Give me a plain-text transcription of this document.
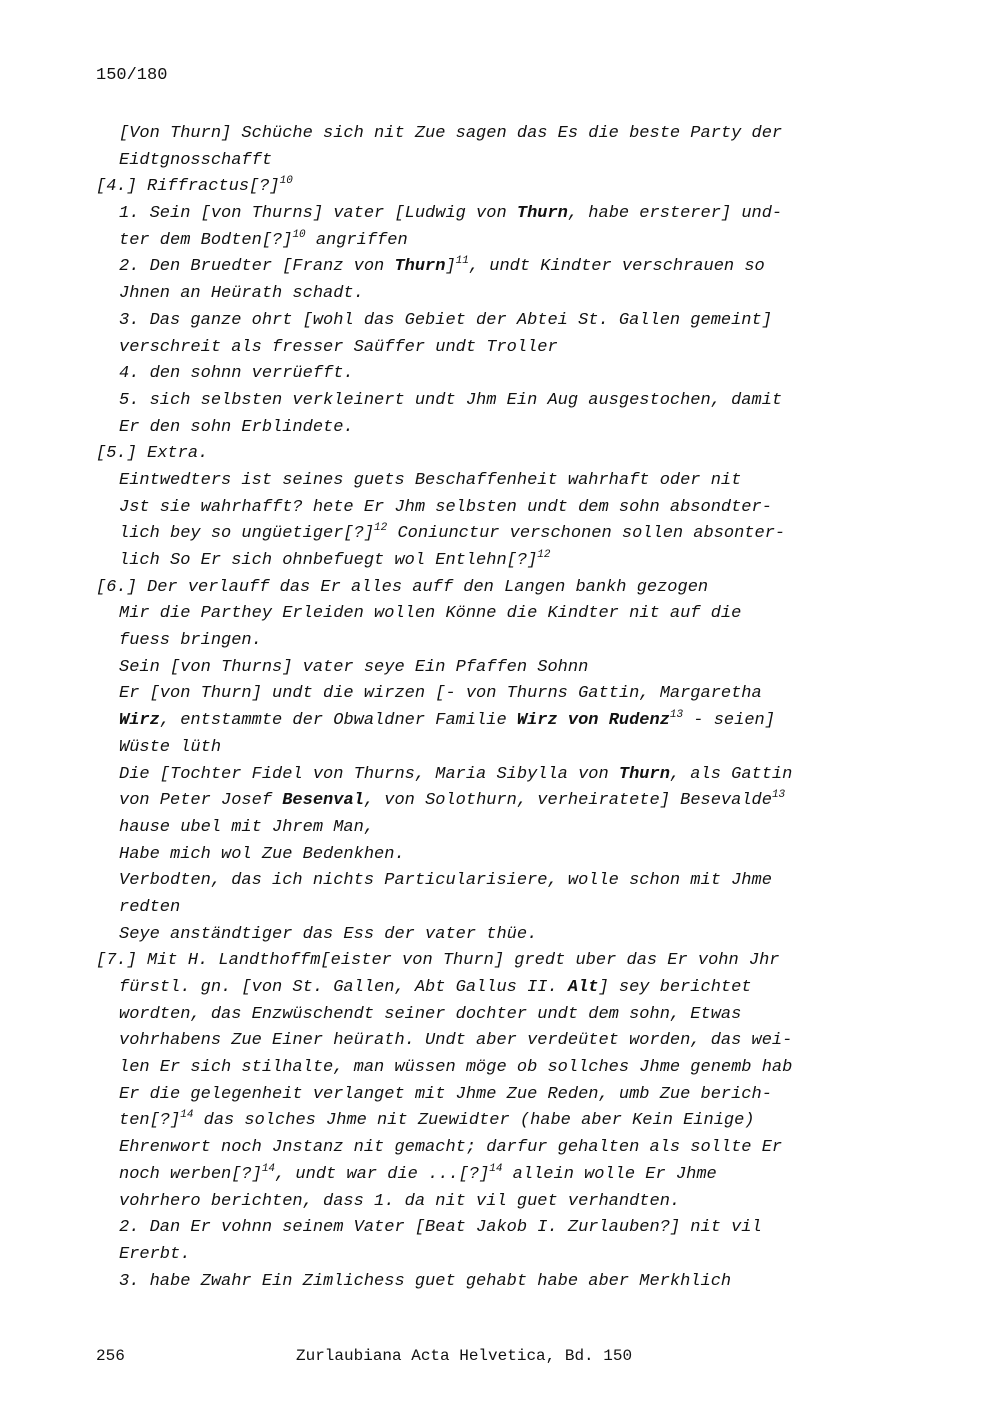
150/180
[Von Thurn] Schüche sich nit Zue sagen das Es die beste Party der
Eidtgnosschafft
[4.] Riffractus[?]$^{10}$
1. Sein [von Thurns] vater [Ludwig von Thurn, habe ersterer] und-
ter dem Bodten[?]$^{10}$ angriffen
2. Den Bruedter [Franz von Thurn]$^{11}$, undt Kindter verschrauen so
Jhnen an Heürath schadt.
3. Das ganze ohrt [wohl das Gebiet der Abtei St. Gallen gemeint]
verschreit als fresser Saüffer undt Troller
4. den sohnn verrüefft.
5. sich selbsten verkleinert undt Jhm Ein Aug ausgestochen, damit
Er den sohn Erblindete.
[5.] Extra.
Eintwedters ist seines guets Beschaffenheit wahrhaft oder nit
Jst sie wahrhafft? hete Er Jhm selbsten undt dem sohn absondter-
lich bey so ungüetiger[?]$^{12}$ Coniunctur verschonen sollen absonter-
lich So Er sich ohnbefuegt wol Entlehn[?]$^{12}$
[6.] Der verlauff das Er alles auff den Langen bankh gezogen
Mir die Parthey Erleiden wollen Könne die Kindter nit auf die
fuess bringen.
Sein [von Thurns] vater seye Ein Pfaffen Sohnn
Er [von Thurn] undt die wirzen [- von Thurns Gattin, Margaretha
Wirz, entstammte der Obwaldner Familie Wirz von Rudenz$^{13}$ - seien]
Wüste lüth
Die [Tochter Fidel von Thurns, Maria Sibylla von Thurn, als Gattin
von Peter Josef Besenval, von Solothurn, verheiratete] Besevalde$^{13}$
hause ubel mit Jhrem Man,
Habe mich wol Zue Bedenkhen.
Verbodten, das ich nichts Particularisiere, wolle schon mit Jhme
redten
Seye anständtiger das Ess der vater thüe.
[7.] Mit H. Landthoffm[eister von Thurn] gredt uber das Er vohn Jhr
fürstl. gn. [von St. Gallen, Abt Gallus II. Alt] sey berichtet
wordten, das Enzwüschendt seiner dochter undt dem sohn, Etwas
vohrhabens Zue Einer heürath. Undt aber verdeütet worden, das wei-
len Er sich stilhalte, man wüssen möge ob sollches Jhme genemb hab
Er die gelegenheit verlanget mit Jhme Zue Reden, umb Zue berich-
ten[?]$^{14}$ das solches Jhme nit Zuewidter (habe aber Kein Einige)
Ehrenwort noch Jnstanz nit gemacht; darfur gehalten als sollte Er
noch werben[?]$^{14}$, undt war die ...[?]$^{14}$ allein wolle Er Jhme
vohrhero berichten, dass 1. da nit vil guet verhandten.
2. Dan Er vohnn seinem Vater [Beat Jakob I. Zurlauben?] nit vil
Ererbt.
3. habe Zwahr Ein Zimlichess guet gehabt habe aber Merkhlich
256	Zurlaubiana Acta Helvetica, Bd. 150
